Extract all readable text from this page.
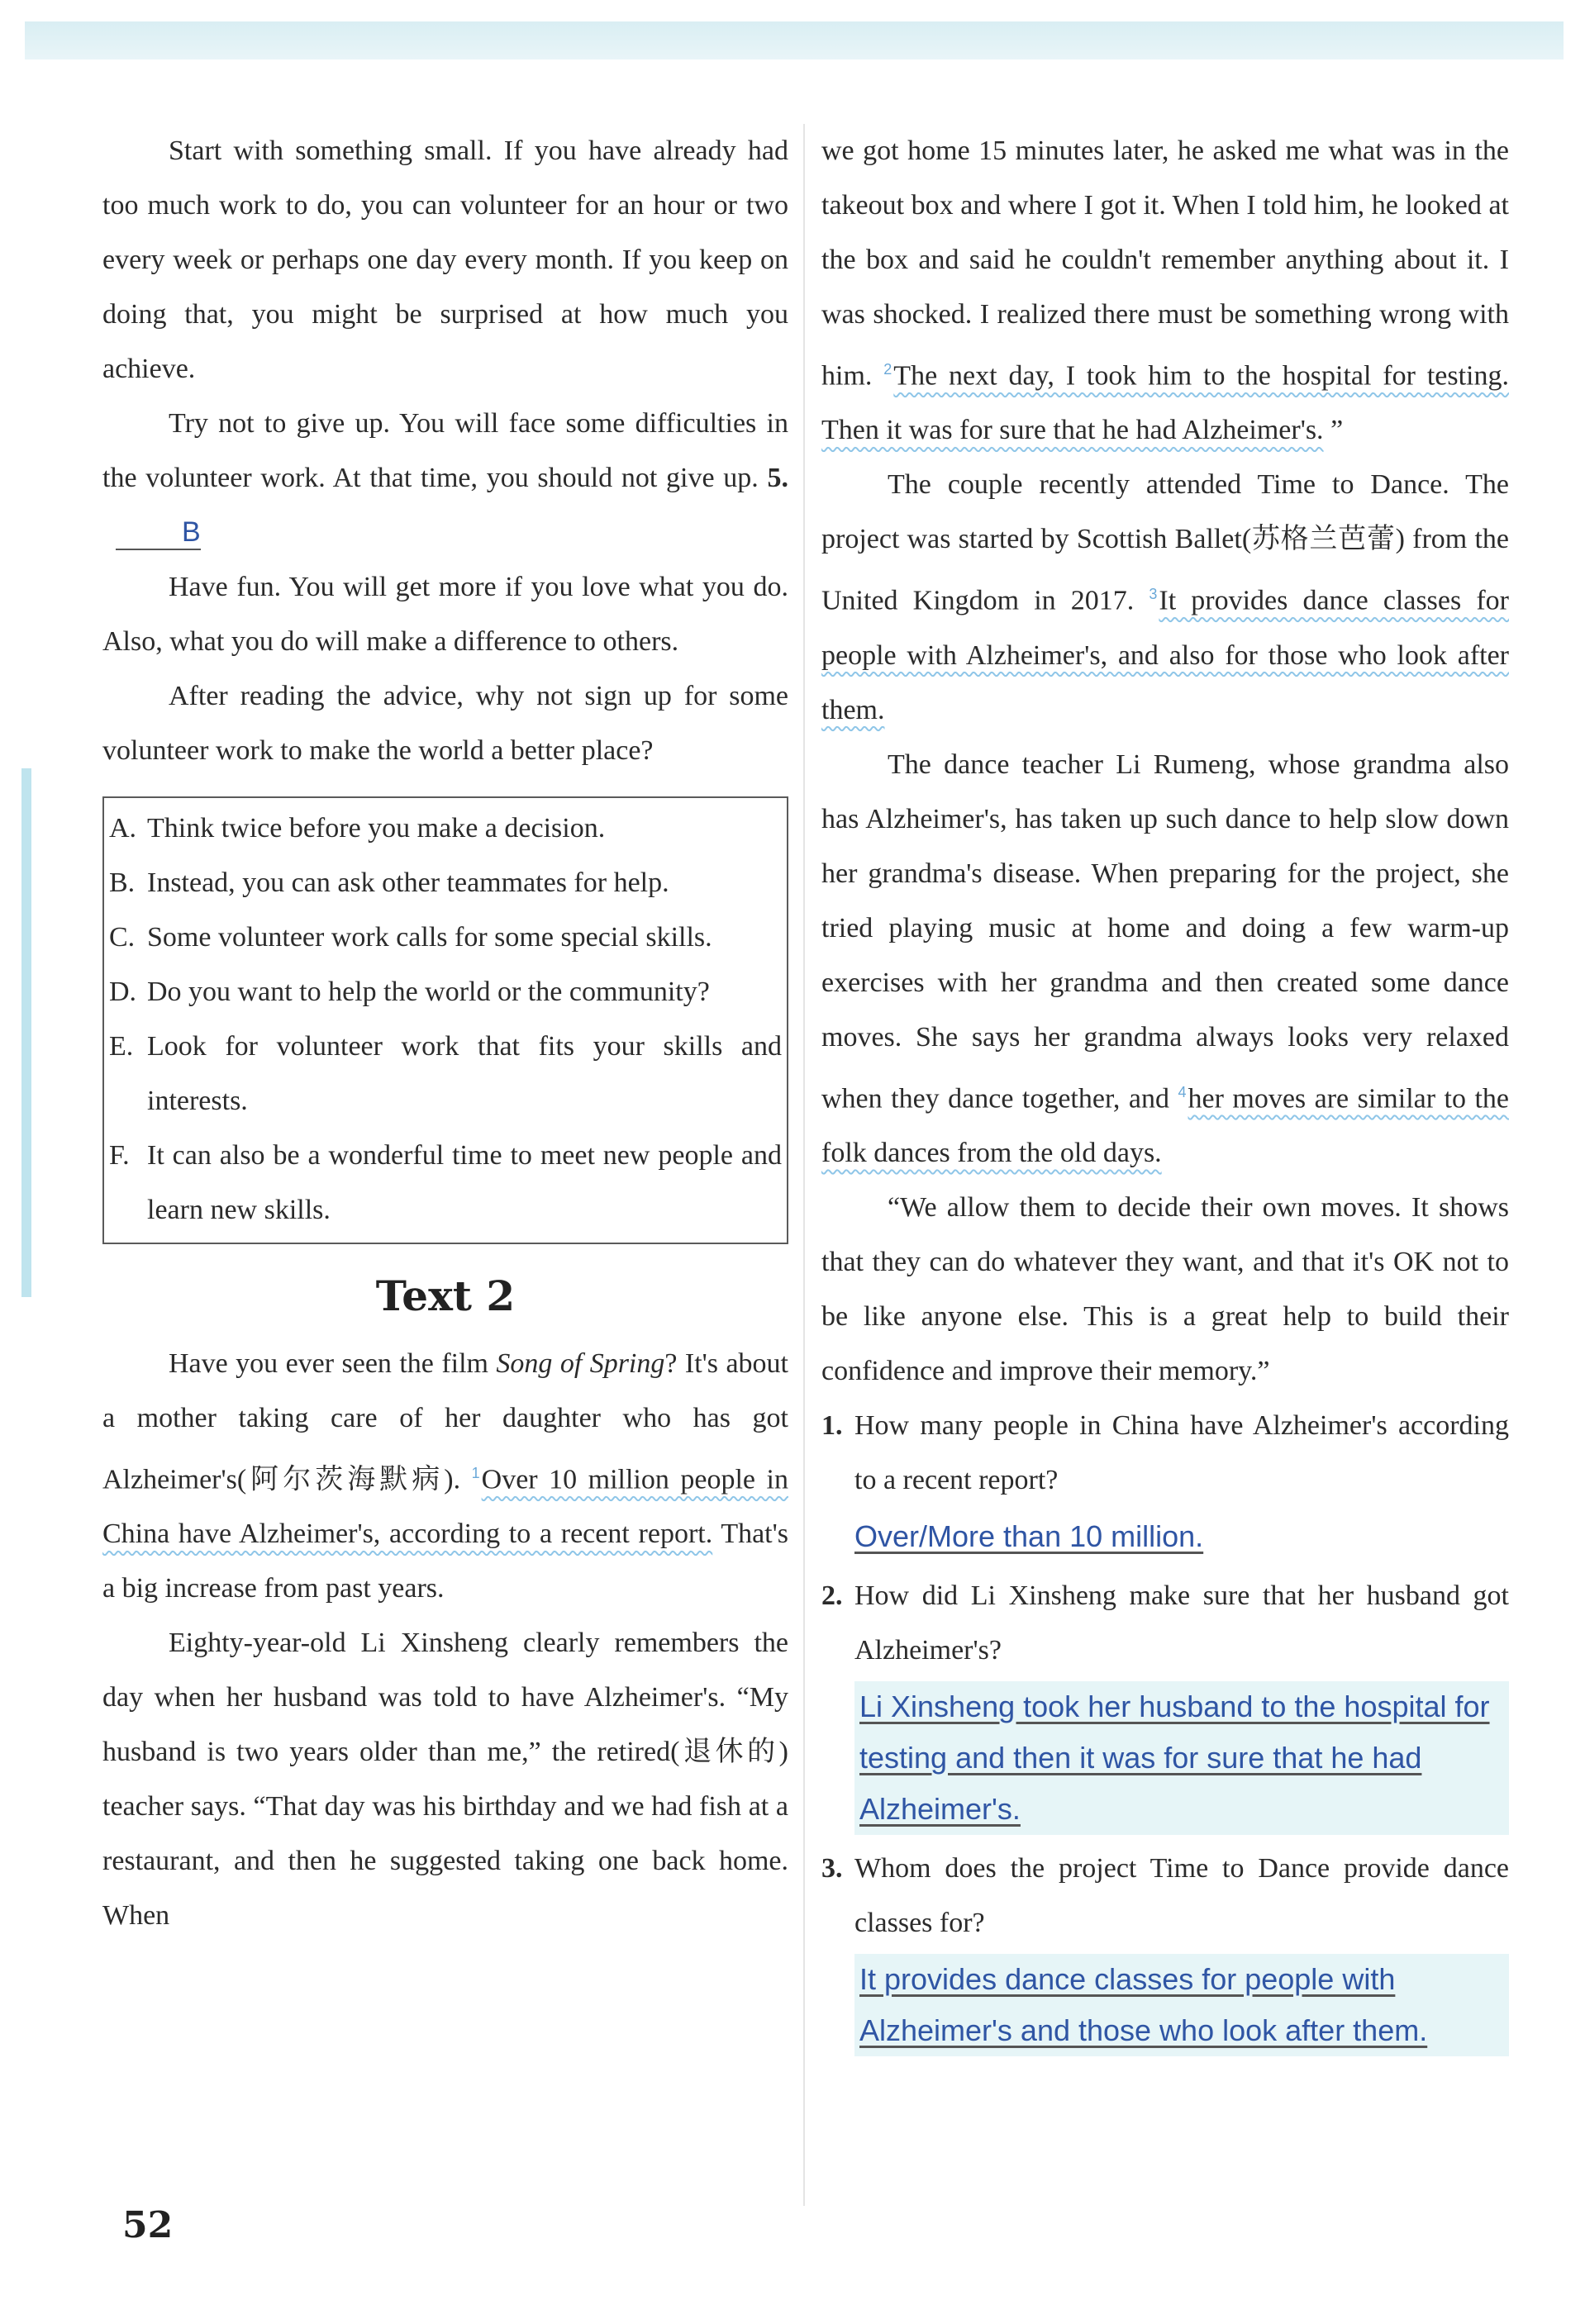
Start with something small. If you have already had too much work to do, you can volunteer for an hour or two every week or perhaps one day every month. If you keep on doing that, you might be surprised at how much you achieve.

Try not to give up. You will face some difficulties in the volunteer work. At that time, you should not give up. 5.B

Have fun. You will get more if you love what you do. Also, what you do will make a difference to others.

After reading the advice, why not sign up for some volunteer work to make the world a better place?

A. Think twice before you make a decision.
B. Instead, you can ask other teammates for help.
C. Some volunteer work calls for some special skills.
D. Do you want to help the world or the community?
E. Look for volunteer work that fits your skills and interests.
F. It can also be a wonderful time to meet new people and learn new skills.
Text 2

Have you ever seen the film Song of Spring? It's about a mother taking care of her daughter who has got Alzheimer's(阿尔茨海默病). $^1$Over 10 million people in China have Alzheimer's, according to a recent report. That's a big increase from past years.

Eighty-year-old Li Xinsheng clearly remembers the day when her husband was told to have Alzheimer's. “My husband is two years older than me,” the retired(退休的) teacher says. “That day was his birthday and we had fish at a restaurant, and then he suggested taking one back home. When

we got home 15 minutes later, he asked me what was in the takeout box and where I got it. When I told him, he looked at the box and said he couldn't remember anything about it. I was shocked. I realized there must be something wrong with him. $^2$The next day, I took him to the hospital for testing. Then it was for sure that he had Alzheimer's. ”

The couple recently attended Time to Dance. The project was started by Scottish Ballet(苏格兰芭蕾) from the United Kingdom in 2017. $^3$It provides dance classes for people with Alzheimer's, and also for those who look after them.

The dance teacher Li Rumeng, whose grandma also has Alzheimer's, has taken up such dance to help slow down her grandma's disease. When preparing for the project, she tried playing music at home and doing a few warm-up exercises with her grandma and then created some dance moves. She says her grandma always looks very relaxed when they dance together, and $^4$her moves are similar to the folk dances from the old days.

“We allow them to decide their own moves. It shows that they can do whatever they want, and that it's OK not to be like anyone else. This is a great help to build their confidence and improve their memory.”

1. How many people in China have Alzheimer's according to a recent report?
Over/More than 10 million.
2. How did Li Xinsheng make sure that her husband got Alzheimer's?
Li Xinsheng took her husband to the hospital for testing and then it was for sure that he had Alzheimer's.
3. Whom does the project Time to Dance provide dance classes for?
It provides dance classes for people with Alzheimer's and those who look after them.
52
